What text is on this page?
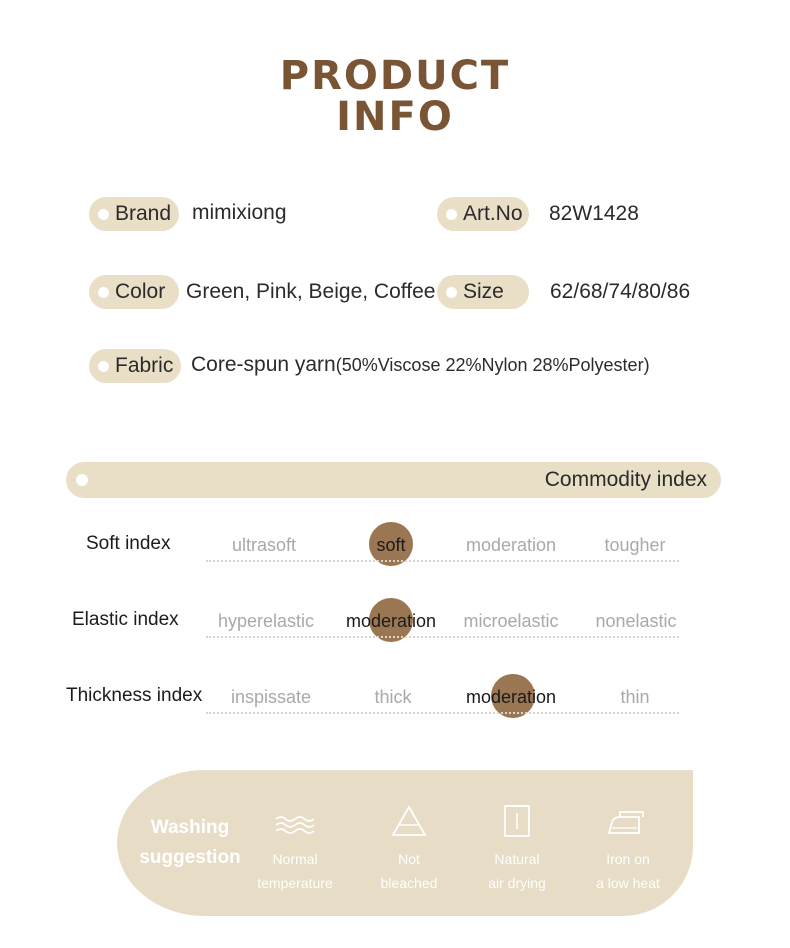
PRODUCT
INFO
Brand mimixiong	Art.No 82W1428
Color Green, Pink, Beige, Coffee Size 62/68/74/80/86
Fabric Core-spun yarn(50%Viscose 22%Nylon 28%Polyester)
Commodity index
Soft index	ultrasoft	soft	moderation	tougher
Elastic index	hyperelastic	moderation	microelastic	nonelastic
Thickness index	inspissate	thick	moderation	thin
Washing
suggestion	Normal
temperature
Not
bleached
Natural
air drying
Iron on
a low heat
